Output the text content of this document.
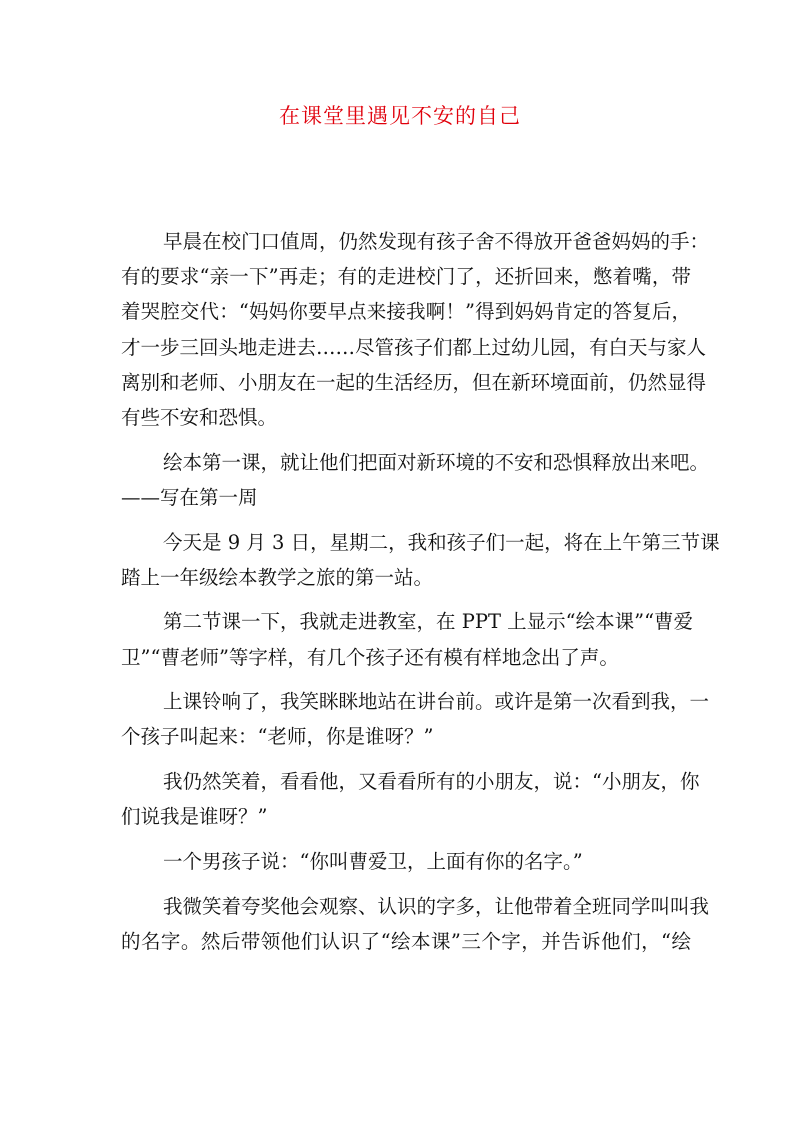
在课堂里遇见不安的自己
早晨在校门口值周，仍然发现有孩子舍不得放开爸爸妈妈的手：
有的要求“亲一下”再走；有的走进校门了，还折回来，憋着嘴，带
着哭腔交代：“妈妈你要早点来接我啊！”得到妈妈肯定的答复后，
才一步三回头地走进去……尽管孩子们都上过幼儿园，有白天与家人
离别和老师、小朋友在一起的生活经历，但在新环境面前，仍然显得
有些不安和恐惧。
绘本第一课，就让他们把面对新环境的不安和恐惧释放出来吧。
——写在第一周
今天是 9 月 3 日，星期二，我和孩子们一起，将在上午第三节课
踏上一年级绘本教学之旅的第一站。
第二节课一下，我就走进教室，在 PPT 上显示“绘本课”“曹爱
卫”“曹老师”等字样，有几个孩子还有模有样地念出了声。
上课铃响了，我笑眯眯地站在讲台前。或许是第一次看到我，一
个孩子叫起来：“老师，你是谁呀？”
我仍然笑着，看看他，又看看所有的小朋友，说：“小朋友，你
们说我是谁呀？”
一个男孩子说：“你叫曹爱卫，上面有你的名字。”
我微笑着夸奖他会观察、认识的字多，让他带着全班同学叫叫我
的名字。然后带领他们认识了“绘本课”三个字，并告诉他们，“绘
